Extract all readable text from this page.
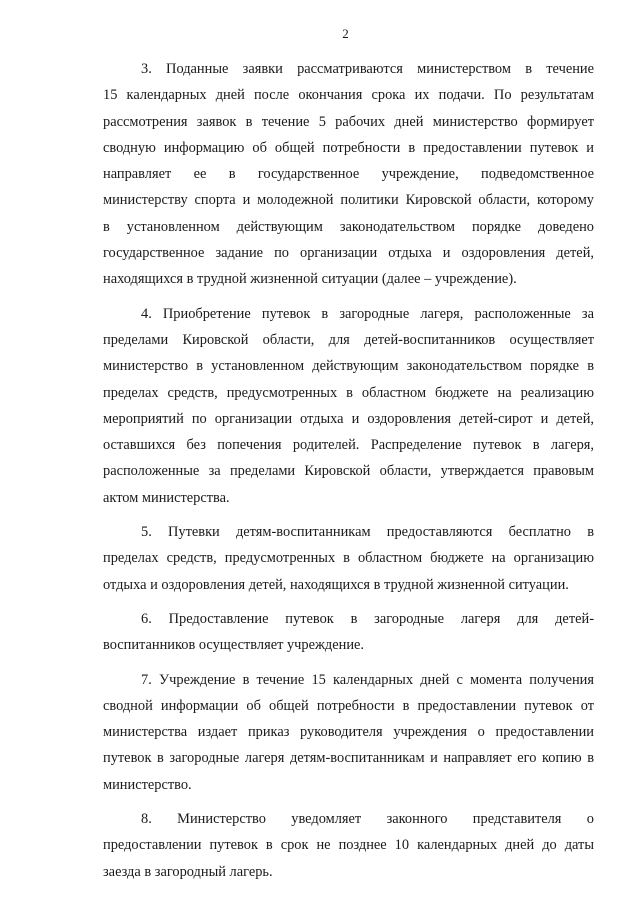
2
3. Поданные заявки рассматриваются министерством в течение
15 календарных дней после окончания срока их подачи. По результатам
рассмотрения заявок в течение 5 рабочих дней министерство формирует
сводную информацию об общей потребности в предоставлении путевок и
направляет ее в государственное учреждение, подведомственное
министерству спорта и молодежной политики Кировской области, которому
в установленном действующим законодательством порядке доведено
государственное задание по организации отдыха и оздоровления детей,
находящихся в трудной жизненной ситуации (далее – учреждение).
4. Приобретение путевок в загородные лагеря, расположенные за
пределами Кировской области, для детей-воспитанников осуществляет
министерство в установленном действующим законодательством порядке в
пределах средств, предусмотренных в областном бюджете на реализацию
мероприятий по организации отдыха и оздоровления детей-сирот и детей,
оставшихся без попечения родителей. Распределение путевок в лагеря,
расположенные за пределами Кировской области, утверждается правовым
актом министерства.
5. Путевки детям-воспитанникам предоставляются бесплатно в
пределах средств, предусмотренных в областном бюджете на организацию
отдыха и оздоровления детей, находящихся в трудной жизненной ситуации.
6. Предоставление путевок в загородные лагеря для детей-
воспитанников осуществляет учреждение.
7. Учреждение в течение 15 календарных дней с момента получения
сводной информации об общей потребности в предоставлении путевок от
министерства издает приказ руководителя учреждения о предоставлении
путевок в загородные лагеря детям-воспитанникам и направляет его копию в
министерство.
8. Министерство уведомляет законного представителя о
предоставлении путевок в срок не позднее 10 календарных дней до даты
заезда в загородный лагерь.
